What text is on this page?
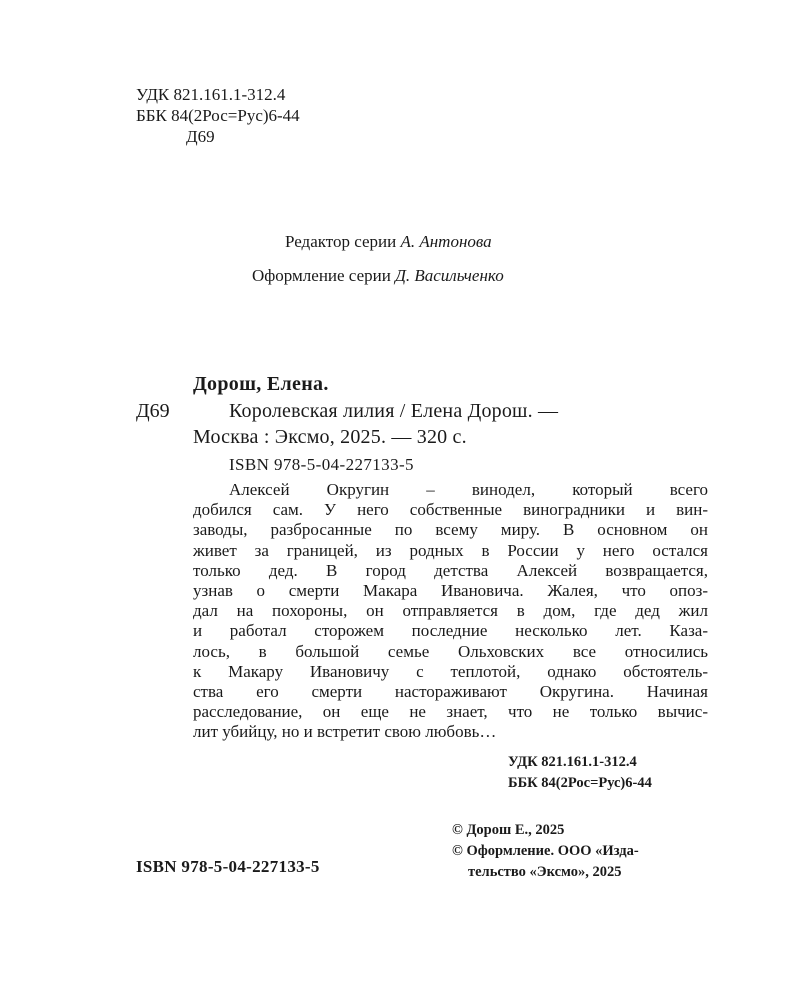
УДК 821.161.1-312.4
ББК 84(2Рос=Рус)6-44
Д69
Редактор серии А. Антонова
Оформление серии Д. Васильченко
Дорош, Елена.
Д69	Королевская лилия / Елена Дорош. —
Москва : Эксмо, 2025. — 320 с.
ISBN 978-5-04-227133-5
Алексей Округин – винодел, который всего
добился сам. У него собственные виноградники и вин-
заводы, разбросанные по всему миру. В основном он
живет за границей, из родных в России у него остался
только дед. В город детства Алексей возвращается,
узнав о смерти Макара Ивановича. Жалея, что опоз-
дал на похороны, он отправляется в дом, где дед жил
и работал сторожем последние несколько лет. Каза-
лось, в большой семье Ольховских все относились
к Макару Ивановичу с теплотой, однако обстоятель-
ства его смерти настораживают Округина. Начиная
расследование, он еще не знает, что не только вычис-
лит убийцу, но и встретит свою любовь…
УДК 821.161.1-312.4
ББК 84(2Рос=Рус)6-44
© Дорош Е., 2025
© Оформление. ООО «Изда-
тельство «Эксмо», 2025
ISBN 978-5-04-227133-5
